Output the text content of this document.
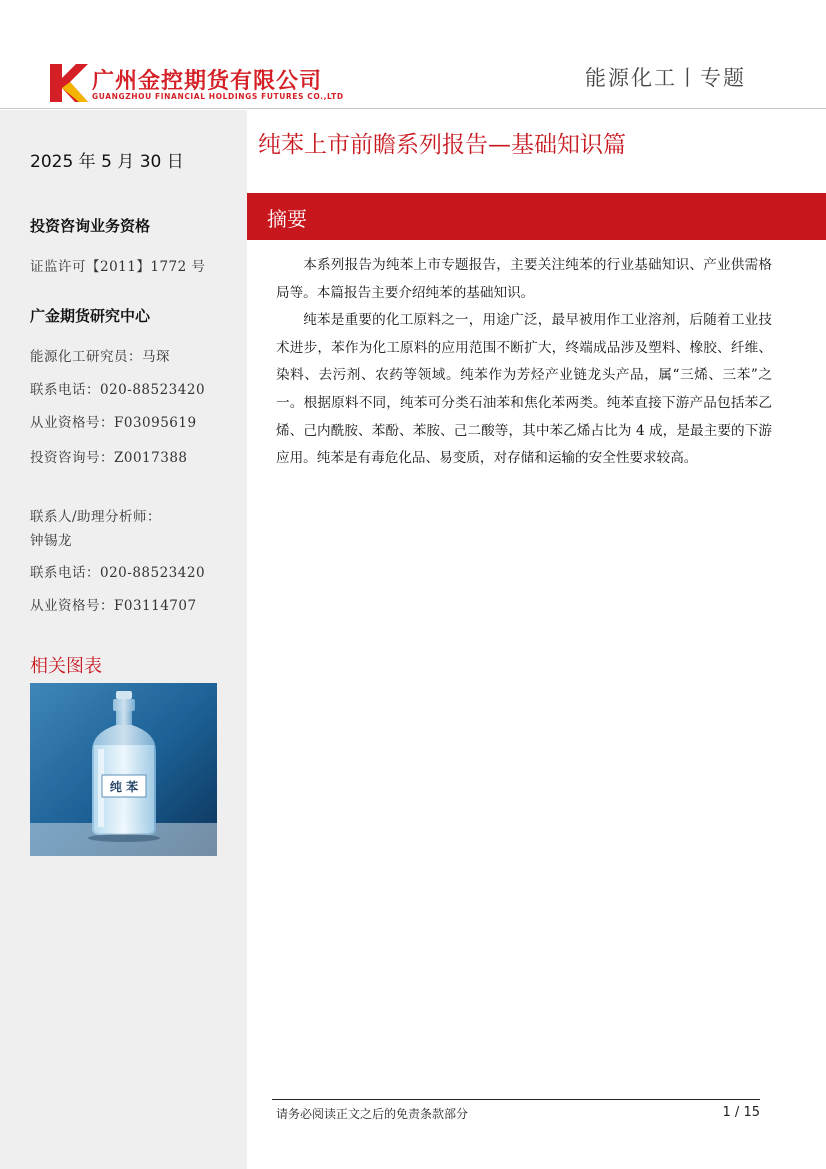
广州金控期货有限公司
GUANGZHOU FINANCIAL HOLDINGS FUTURES CO.,LTD
能源化工丨专题
2025 年 5 月 30 日
投资咨询业务资格
证监许可【2011】1772 号
广金期货研究中心
能源化工研究员：马琛
联系电话：020-88523420
从业资格号：F03095619
投资咨询号：Z0017388
联系人/助理分析师：
钟锡龙
联系电话：020-88523420
从业资格号：F03114707
相关图表
纯 苯
纯苯上市前瞻系列报告—基础知识篇
摘要

本系列报告为纯苯上市专题报告，主要关注纯苯的行业基础知识、产业供需格局等。本篇报告主要介绍纯苯的基础知识。

纯苯是重要的化工原料之一，用途广泛，最早被用作工业溶剂，后随着工业技术进步，苯作为化工原料的应用范围不断扩大，终端成品涉及塑料、橡胶、纤维、染料、去污剂、农药等领域。纯苯作为芳烃产业链龙头产品，属“三烯、三苯”之一。根据原料不同，纯苯可分类石油苯和焦化苯两类。纯苯直接下游产品包括苯乙烯、己内酰胺、苯酚、苯胺、己二酸等，其中苯乙烯占比为 4 成，是最主要的下游应用。纯苯是有毒危化品、易变质，对存储和运输的安全性要求较高。

请务必阅读正文之后的免责条款部分	1 / 15
